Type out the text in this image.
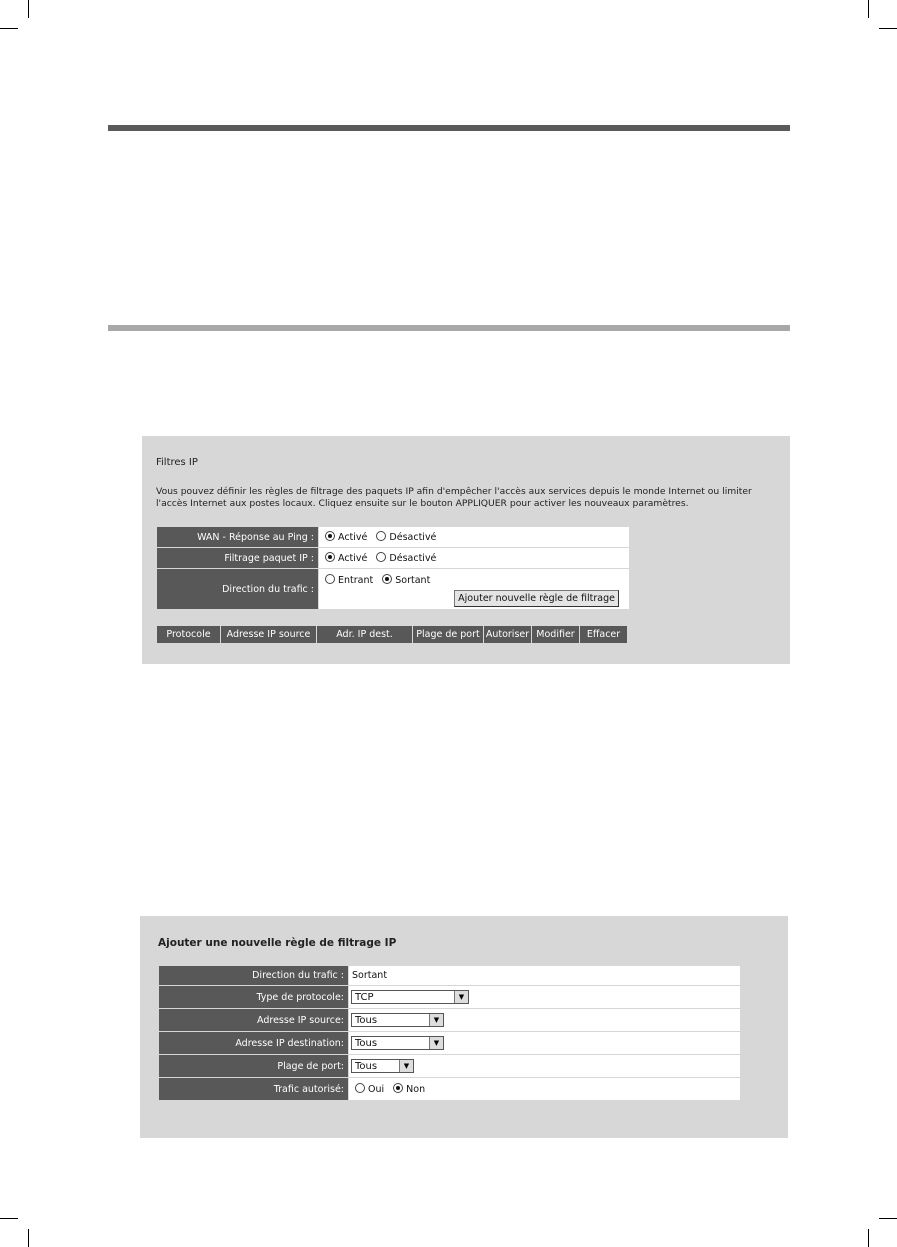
Filtres IP
Vous pouvez définir les règles de filtrage des paquets IP afin d'empêcher l'accès aux services depuis le monde Internet ou limiter l'accès Internet aux postes locaux. Cliquez ensuite sur le bouton APPLIQUER pour activer les nouveaux paramètres.
WAN - Réponse au Ping :	Activé Désactivé
Filtrage paquet IP :	Activé Désactivé
Direction du trafic :	Entrant Sortant
Ajouter nouvelle règle de filtrage
Protocole	Adresse IP source	Adr. IP dest.	Plage de port	Autoriser	Modifier	Effacer
Ajouter une nouvelle règle de filtrage IP
Direction du trafic :	Sortant
Type de protocole:	TCP ▼

Adresse IP source:	Tous ▼

Adresse IP destination:	Tous ▼

Plage de port:	Tous ▼

Trafic autorisé:	Oui Non
